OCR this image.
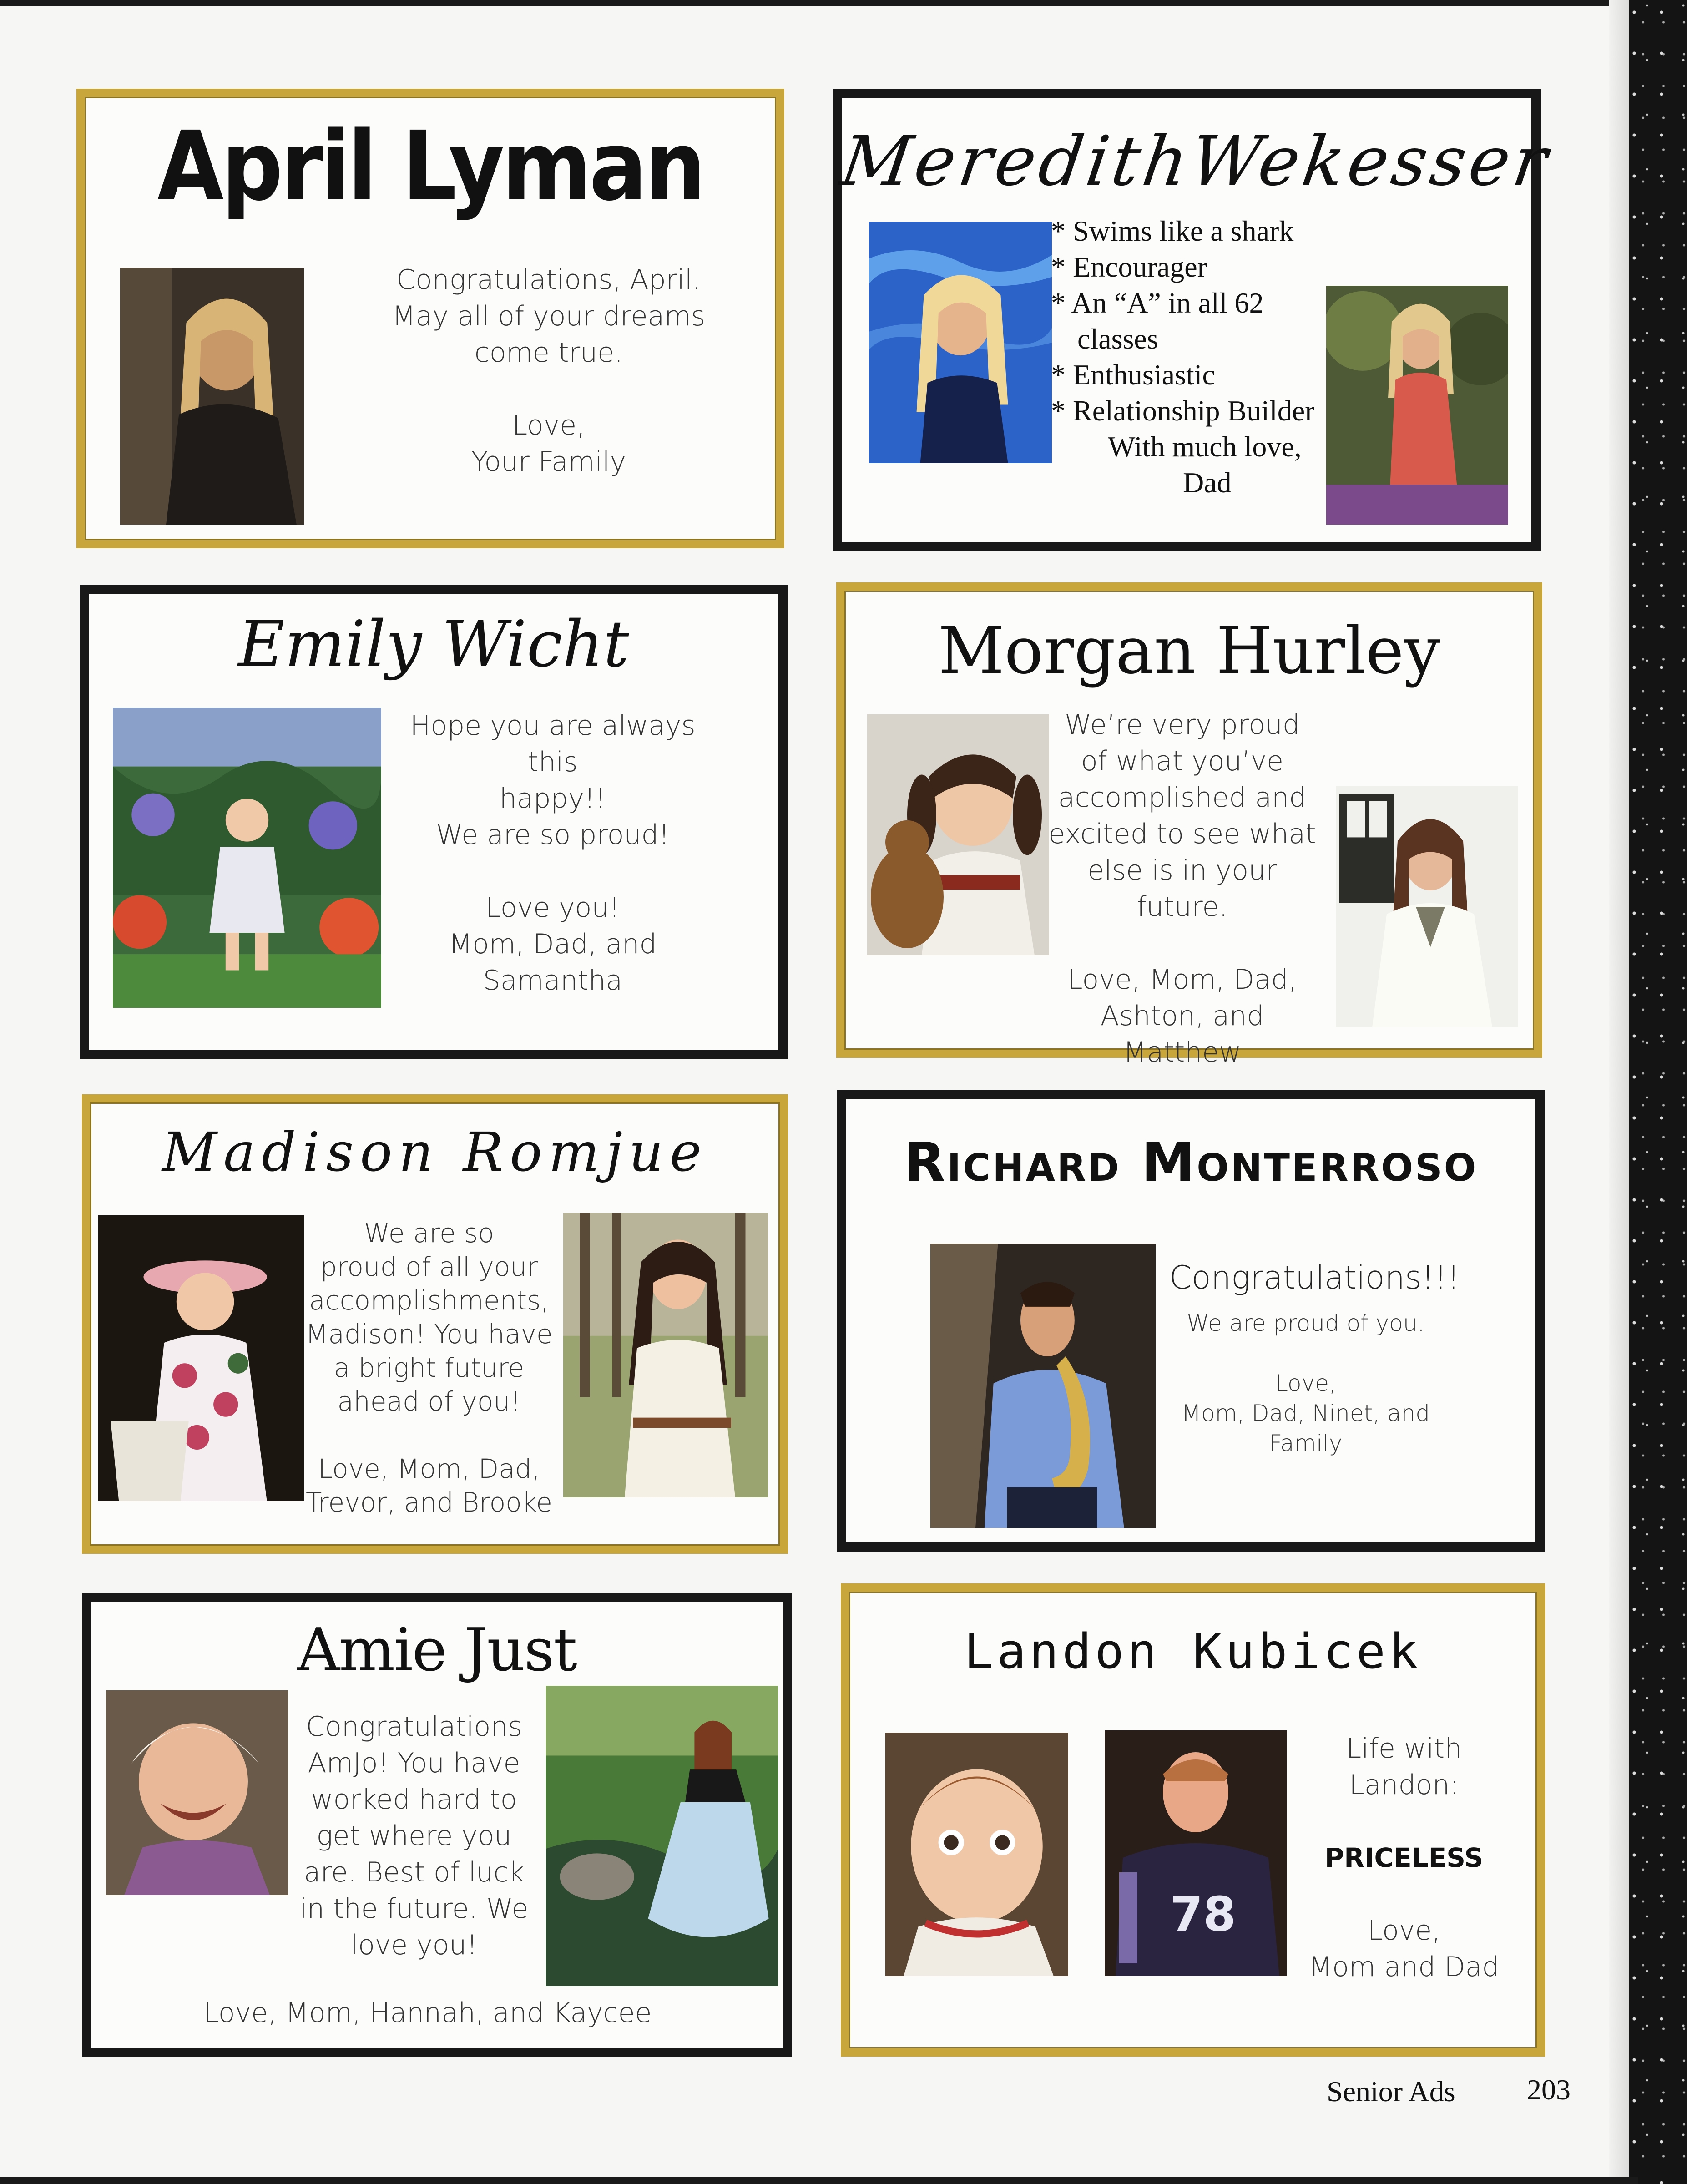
April Lyman
Congratulations, April.
May all of your dreams
come true.
Love,
Your Family
MeredithWekesser
* Swims like a shark
* Encourager
* An “A” in all 62
classes
* Enthusiastic
* Relationship Builder
With much love,
Dad
Emily Wicht
Hope you are always this
happy!!
We are so proud!
Love you!
Mom, Dad, and
Samantha
Morgan Hurley
We’re very proud
of what you’ve
accomplished and
excited to see what
else is in your future.
Love, Mom, Dad,
Ashton, and
Matthew
Madison Romjue
We are so
proud of all your
accomplishments,
Madison! You have
a bright future
ahead of you!
Love, Mom, Dad,
Trevor, and Brooke
Richard Monterroso
Congratulations!!!
We are proud of you.
Love,
Mom, Dad, Ninet, and
Family
Amie Just
Congratulations
AmJo! You have
worked hard to
get where you
are. Best of luck
in the future. We
love you!
Love, Mom, Hannah, and Kaycee
Landon Kubicek
78
Life with Landon:
PRICELESS
Love,
Mom and Dad
Senior Ads 203
